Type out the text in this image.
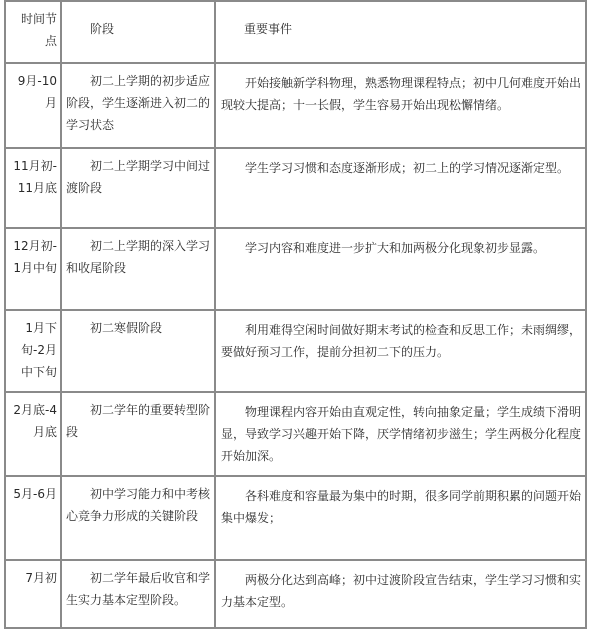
时间节点	阶段	重要事件
9月-10月	初二上学期的初步适应阶段，学生逐渐进入初二的学习状态	开始接触新学科物理，熟悉物理课程特点；初中几何难度开始出现较大提高；十一长假，学生容易开始出现松懈情绪。
11月初-11月底	初二上学期学习中间过渡阶段	学生学习习惯和态度逐渐形成；初二上的学习情况逐渐定型。
12月初-1月中旬	初二上学期的深入学习和收尾阶段	学习内容和难度进一步扩大和加两极分化现象初步显露。
1月下旬-2月中下旬	初二寒假阶段	利用难得空闲时间做好期末考试的检查和反思工作；未雨绸缪，要做好预习工作，提前分担初二下的压力。
2月底-4月底	初二学年的重要转型阶段	物理课程内容开始由直观定性，转向抽象定量；学生成绩下滑明显，导致学习兴趣开始下降，厌学情绪初步滋生；学生两极分化程度开始加深。
5月-6月	初中学习能力和中考核心竞争力形成的关键阶段	各科难度和容量最为集中的时期，很多同学前期积累的问题开始集中爆发；
7月初	初二学年最后收官和学生实力基本定型阶段。	两极分化达到高峰；初中过渡阶段宣告结束，学生学习习惯和实力基本定型。
